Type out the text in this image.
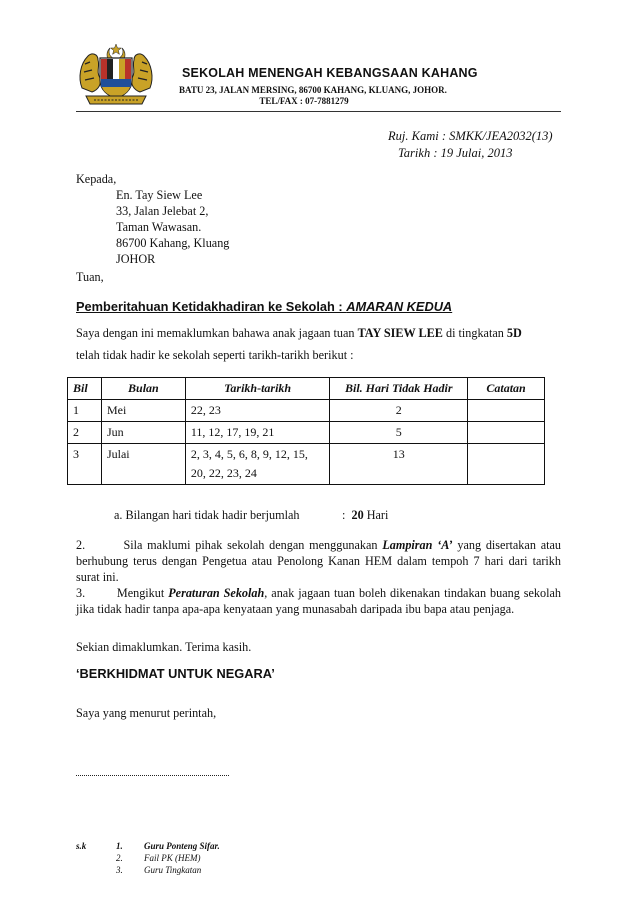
SEKOLAH MENENGAH KEBANGSAAN KAHANG
BATU 23, JALAN MERSING, 86700 KAHANG, KLUANG, JOHOR.
TEL/FAX : 07-7881279
Ruj. Kami : SMKK/JEA2032(13)
Tarikh : 19 Julai, 2013
Kepada,
En. Tay Siew Lee
33, Jalan Jelebat 2,
Taman Wawasan.
86700 Kahang, Kluang
JOHOR
Tuan,
Pemberitahuan Ketidakhadiran ke Sekolah : AMARAN KEDUA
Saya dengan ini memaklumkan bahawa anak jagaan tuan TAY SIEW LEE di tingkatan 5D
telah tidak hadir ke sekolah seperti tarikh-tarikh berikut :
Bil	Bulan	Tarikh-tarikh	Bil. Hari Tidak Hadir	Catatan
1	Mei	22, 23	2	
2	Jun	11, 12, 17, 19, 21	5	
3	Julai	2, 3, 4, 5, 6, 8, 9, 12, 15, 20, 22, 23, 24	13	
a. Bilangan hari tidak hadir berjumlah	: 20 Hari
2.	Sila maklumi pihak sekolah dengan menggunakan Lampiran ‘A’ yang disertakan atau berhubung terus dengan Pengetua atau Penolong Kanan HEM dalam tempoh 7 hari dari tarikh surat ini.
3.	Mengikut Peraturan Sekolah, anak jagaan tuan boleh dikenakan tindakan buang sekolah jika tidak hadir tanpa apa-apa kenyataan yang munasabah daripada ibu bapa atau penjaga.
Sekian dimaklumkan. Terima kasih.
‘BERKHIDMAT UNTUK NEGARA’
Saya yang menurut perintah,
s.k	1.	Guru Ponteng Sifar.
2.	Fail PK (HEM)
3.	Guru Tingkatan
